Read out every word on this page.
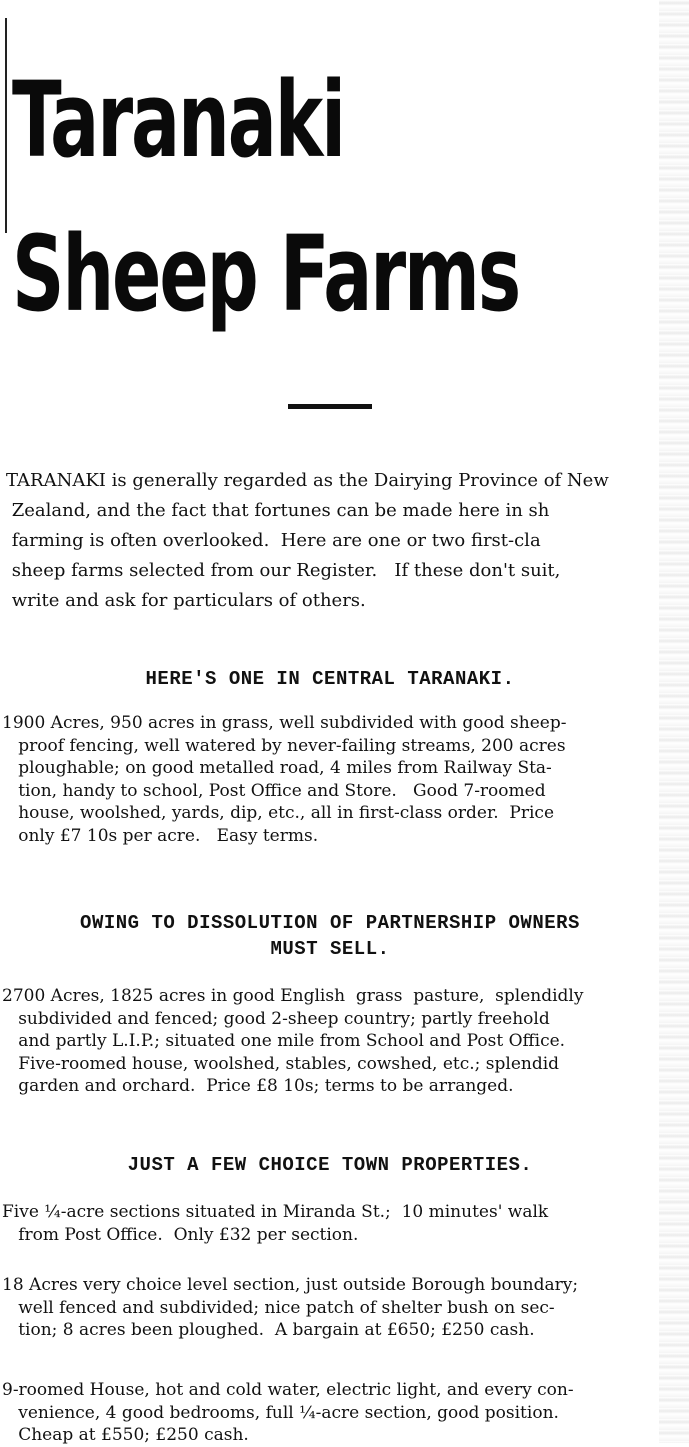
Taranaki
Sheep Farms
TARANAKI is generally regarded as the Dairying Province of New
Zealand, and the fact that fortunes can be made here in sh
farming is often overlooked.  Here are one or two first-cla
sheep farms selected from our Register.   If these don't suit,
write and ask for particulars of others.
HERE'S ONE IN CENTRAL TARANAKI.
1900 Acres, 950 acres in grass, well subdivided with good sheep-
proof fencing, well watered by never-failing streams, 200 acres
ploughable; on good metalled road, 4 miles from Railway Sta-
tion, handy to school, Post Office and Store.   Good 7-roomed
house, woolshed, yards, dip, etc., all in first-class order.  Price
only £7 10s per acre.   Easy terms.
OWING TO DISSOLUTION OF PARTNERSHIP OWNERS
MUST SELL.
2700 Acres, 1825 acres in good English  grass  pasture,  splendidly
subdivided and fenced; good 2-sheep country; partly freehold
and partly L.I.P.; situated one mile from School and Post Office.
Five-roomed house, woolshed, stables, cowshed, etc.; splendid
garden and orchard.  Price £8 10s; terms to be arranged.
JUST A FEW CHOICE TOWN PROPERTIES.
Five ¼-acre sections situated in Miranda St.;  10 minutes' walk
from Post Office.  Only £32 per section.
18 Acres very choice level section, just outside Borough boundary;
well fenced and subdivided; nice patch of shelter bush on sec-
tion; 8 acres been ploughed.  A bargain at £650; £250 cash.
9-roomed House, hot and cold water, electric light, and every con-
venience, 4 good bedrooms, full ¼-acre section, good position.
Cheap at £550; £250 cash.
